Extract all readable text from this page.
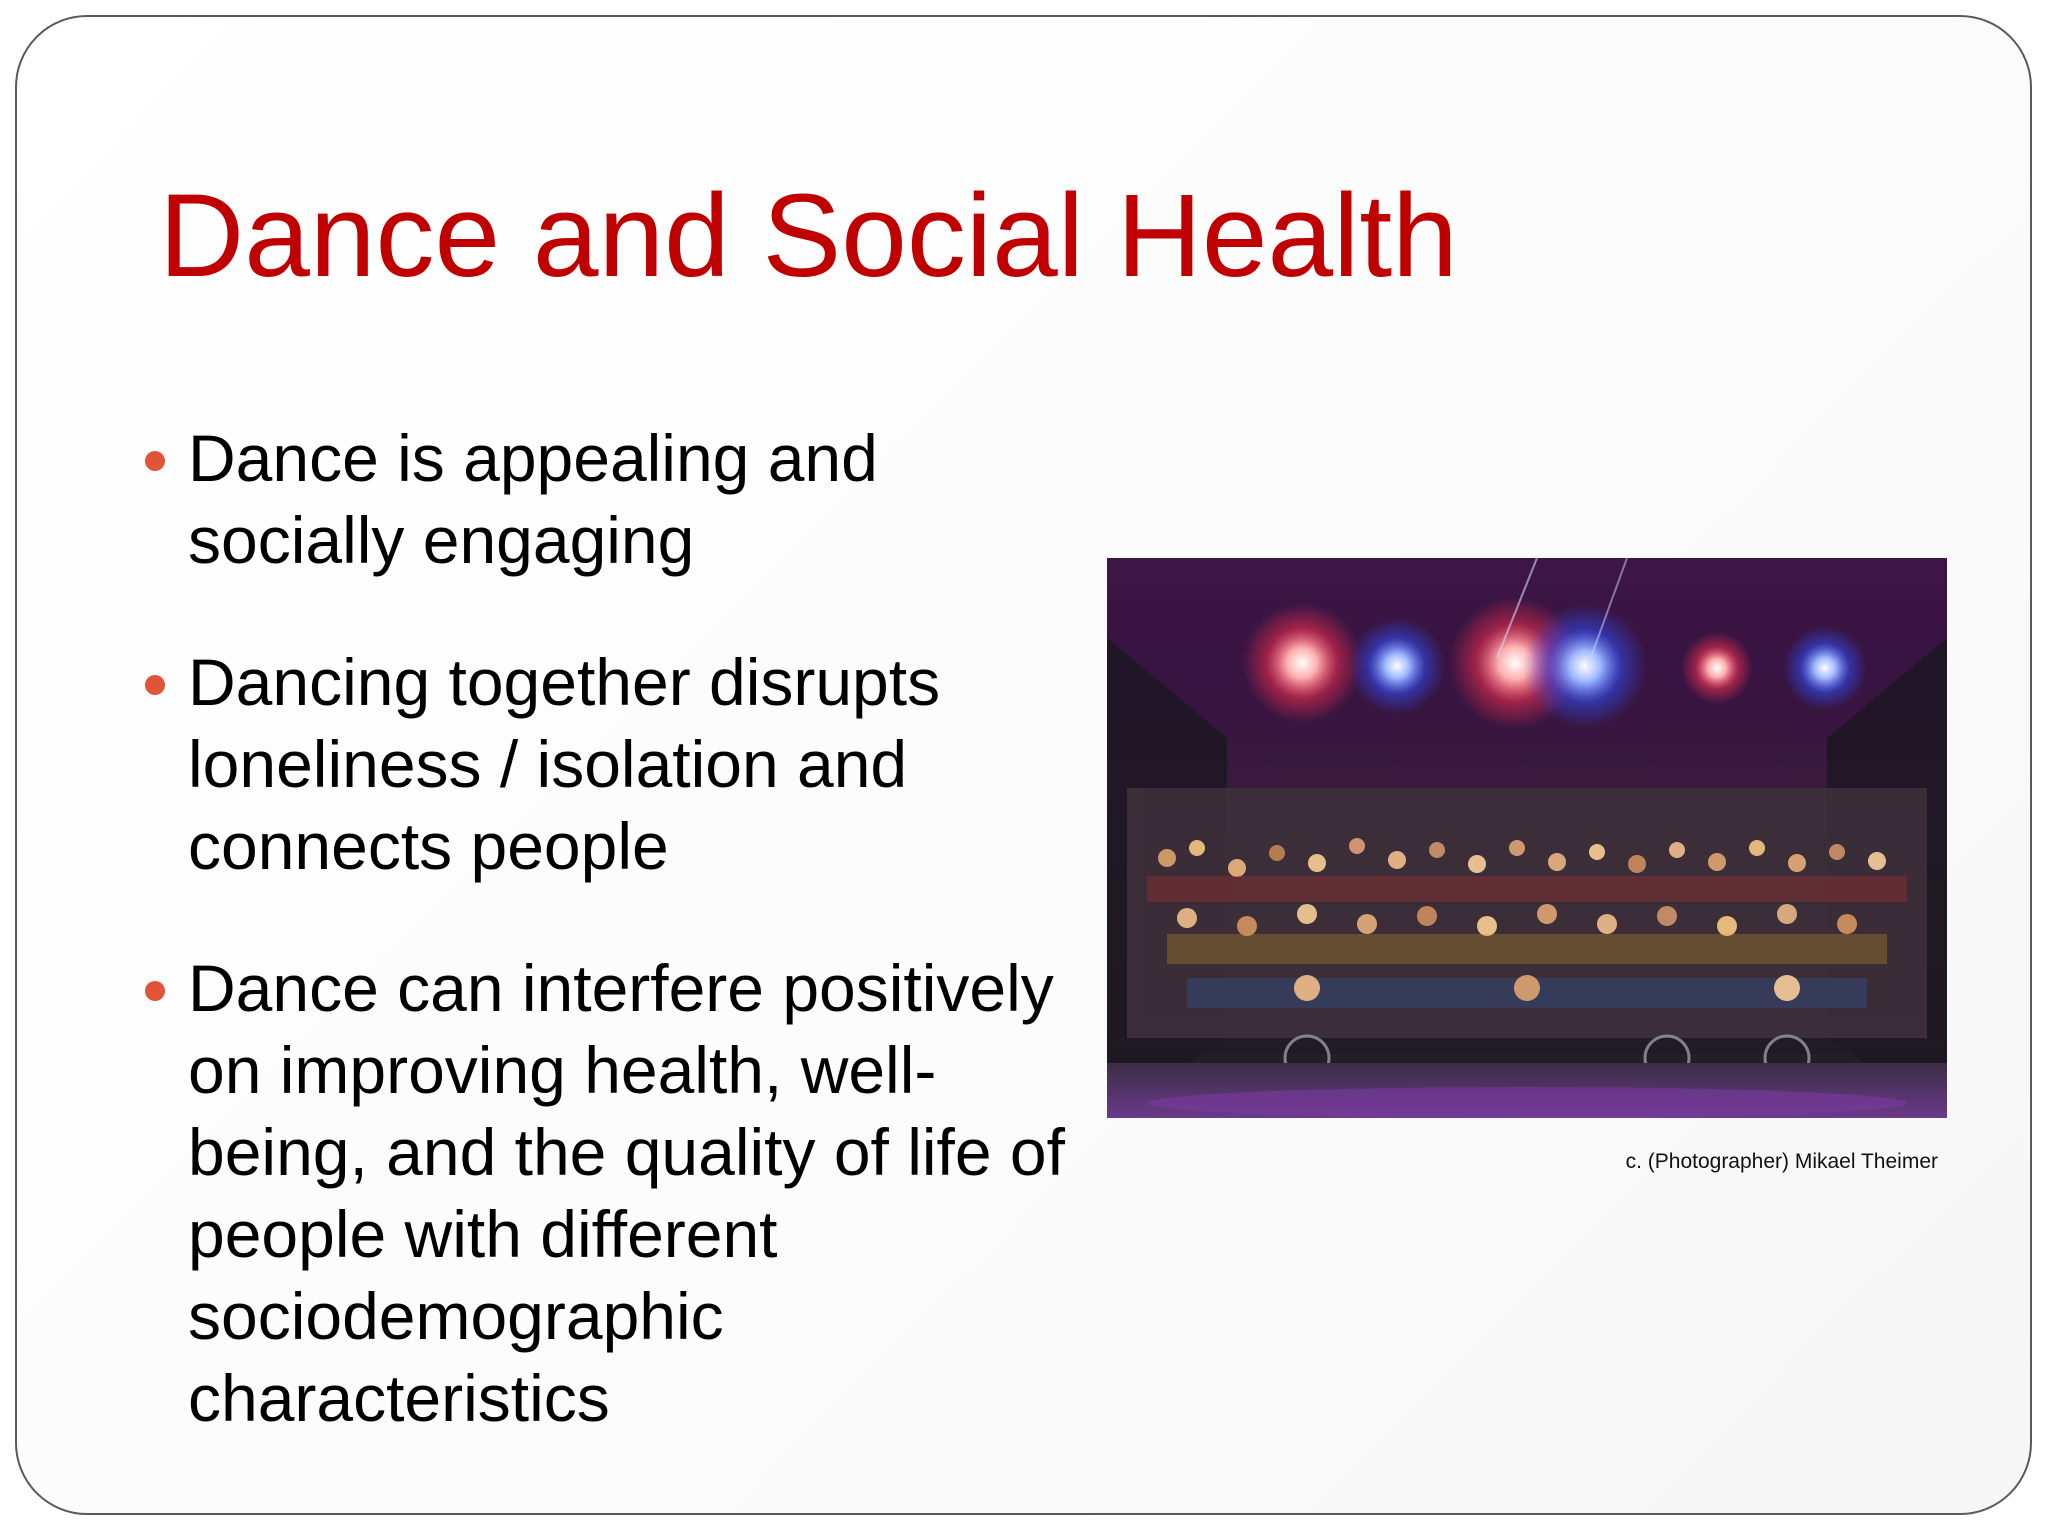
Dance and Social Health
Dance is appealing and socially engaging
Dancing together disrupts loneliness / isolation and connects people
Dance can interfere positively on improving health, well-being, and the quality of life of people with different sociodemographic characteristics
c. (Photographer) Mikael Theimer
